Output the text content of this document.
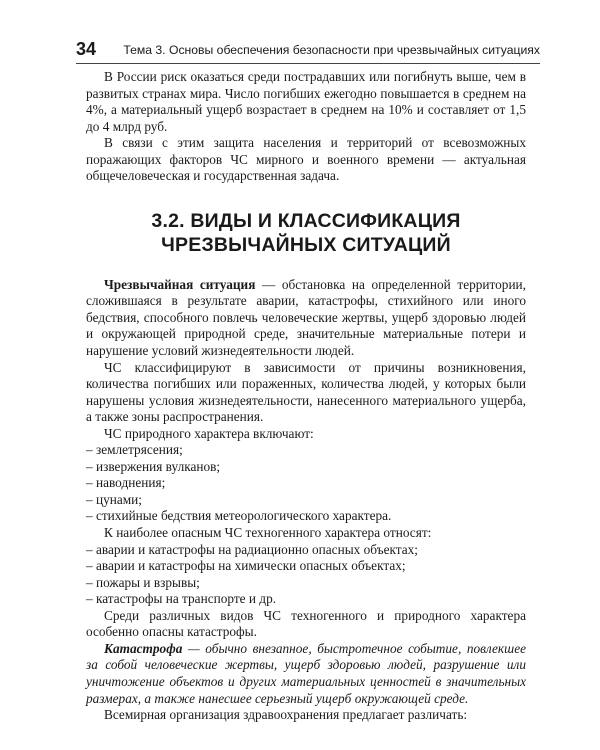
34 Тема 3. Основы обеспечения безопасности при чрезвычайных ситуациях

В России риск оказаться среди пострадавших или погибнуть выше, чем в развитых странах мира. Число погибших ежегодно повышается в среднем на 4%, а материальный ущерб возрастает в среднем на 10% и составляет от 1,5 до 4 млрд руб.

В связи с этим защита населения и территорий от всевозможных поражающих факторов ЧС мирного и военного времени — актуальная общечеловеческая и государственная задача.

3.2. ВИДЫ И КЛАССИФИКАЦИЯ
ЧРЕЗВЫЧАЙНЫХ СИТУАЦИЙ

Чрезвычайная ситуация — обстановка на определенной территории, сложившаяся в результате аварии, катастрофы, стихийного или иного бедствия, способного повлечь человеческие жертвы, ущерб здоровью людей и окружающей природной среде, значительные материальные потери и нарушение условий жизнедеятельности людей.

ЧС классифицируют в зависимости от причины возникновения, количества погибших или пораженных, количества людей, у которых были нарушены условия жизнедеятельности, нанесенного материального ущерба, а также зоны распространения.

ЧС природного характера включают:

– землетрясения;
– извержения вулканов;
– наводнения;
– цунами;
– стихийные бедствия метеорологического характера.

К наиболее опасным ЧС техногенного характера относят:

– аварии и катастрофы на радиационно опасных объектах;
– аварии и катастрофы на химически опасных объектах;
– пожары и взрывы;
– катастрофы на транспорте и др.

Среди различных видов ЧС техногенного и природного характера особенно опасны катастрофы.

Катастрофа — обычно внезапное, быстротечное событие, повлекшее за собой человеческие жертвы, ущерб здоровью людей, разрушение или уничтожение объектов и других материальных ценностей в значительных размерах, а также нанесшее серьезный ущерб окружающей среде.

Всемирная организация здравоохранения предлагает различать:
